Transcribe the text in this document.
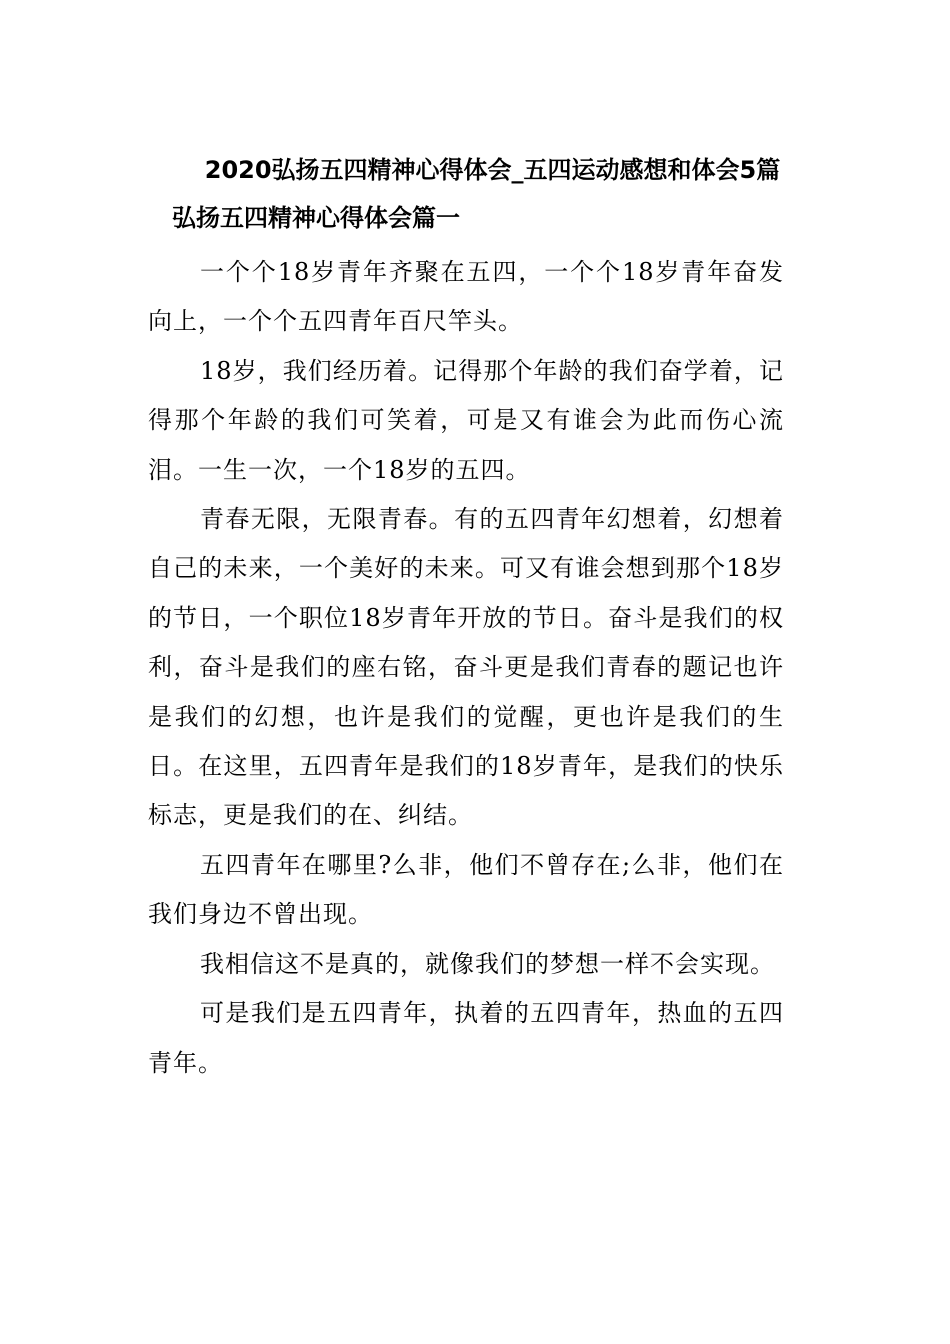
2020弘扬五四精神心得体会_五四运动感想和体会5篇
弘扬五四精神心得体会篇一

一个个18岁青年齐聚在五四，一个个18岁青年奋发向上，一个个五四青年百尺竿头。

18岁，我们经历着。记得那个年龄的我们奋学着，记得那个年龄的我们可笑着，可是又有谁会为此而伤心流泪。一生一次，一个18岁的五四。

青春无限，无限青春。有的五四青年幻想着，幻想着自己的未来，一个美好的未来。可又有谁会想到那个18岁的节日，一个职位18岁青年开放的节日。奋斗是我们的权利，奋斗是我们的座右铭，奋斗更是我们青春的题记也许是我们的幻想，也许是我们的觉醒，更也许是我们的生日。在这里，五四青年是我们的18岁青年，是我们的快乐标志，更是我们的在、纠结。

五四青年在哪里?么非，他们不曾存在;么非，他们在我们身边不曾出现。

我相信这不是真的，就像我们的梦想一样不会实现。

可是我们是五四青年，执着的五四青年，热血的五四青年。
